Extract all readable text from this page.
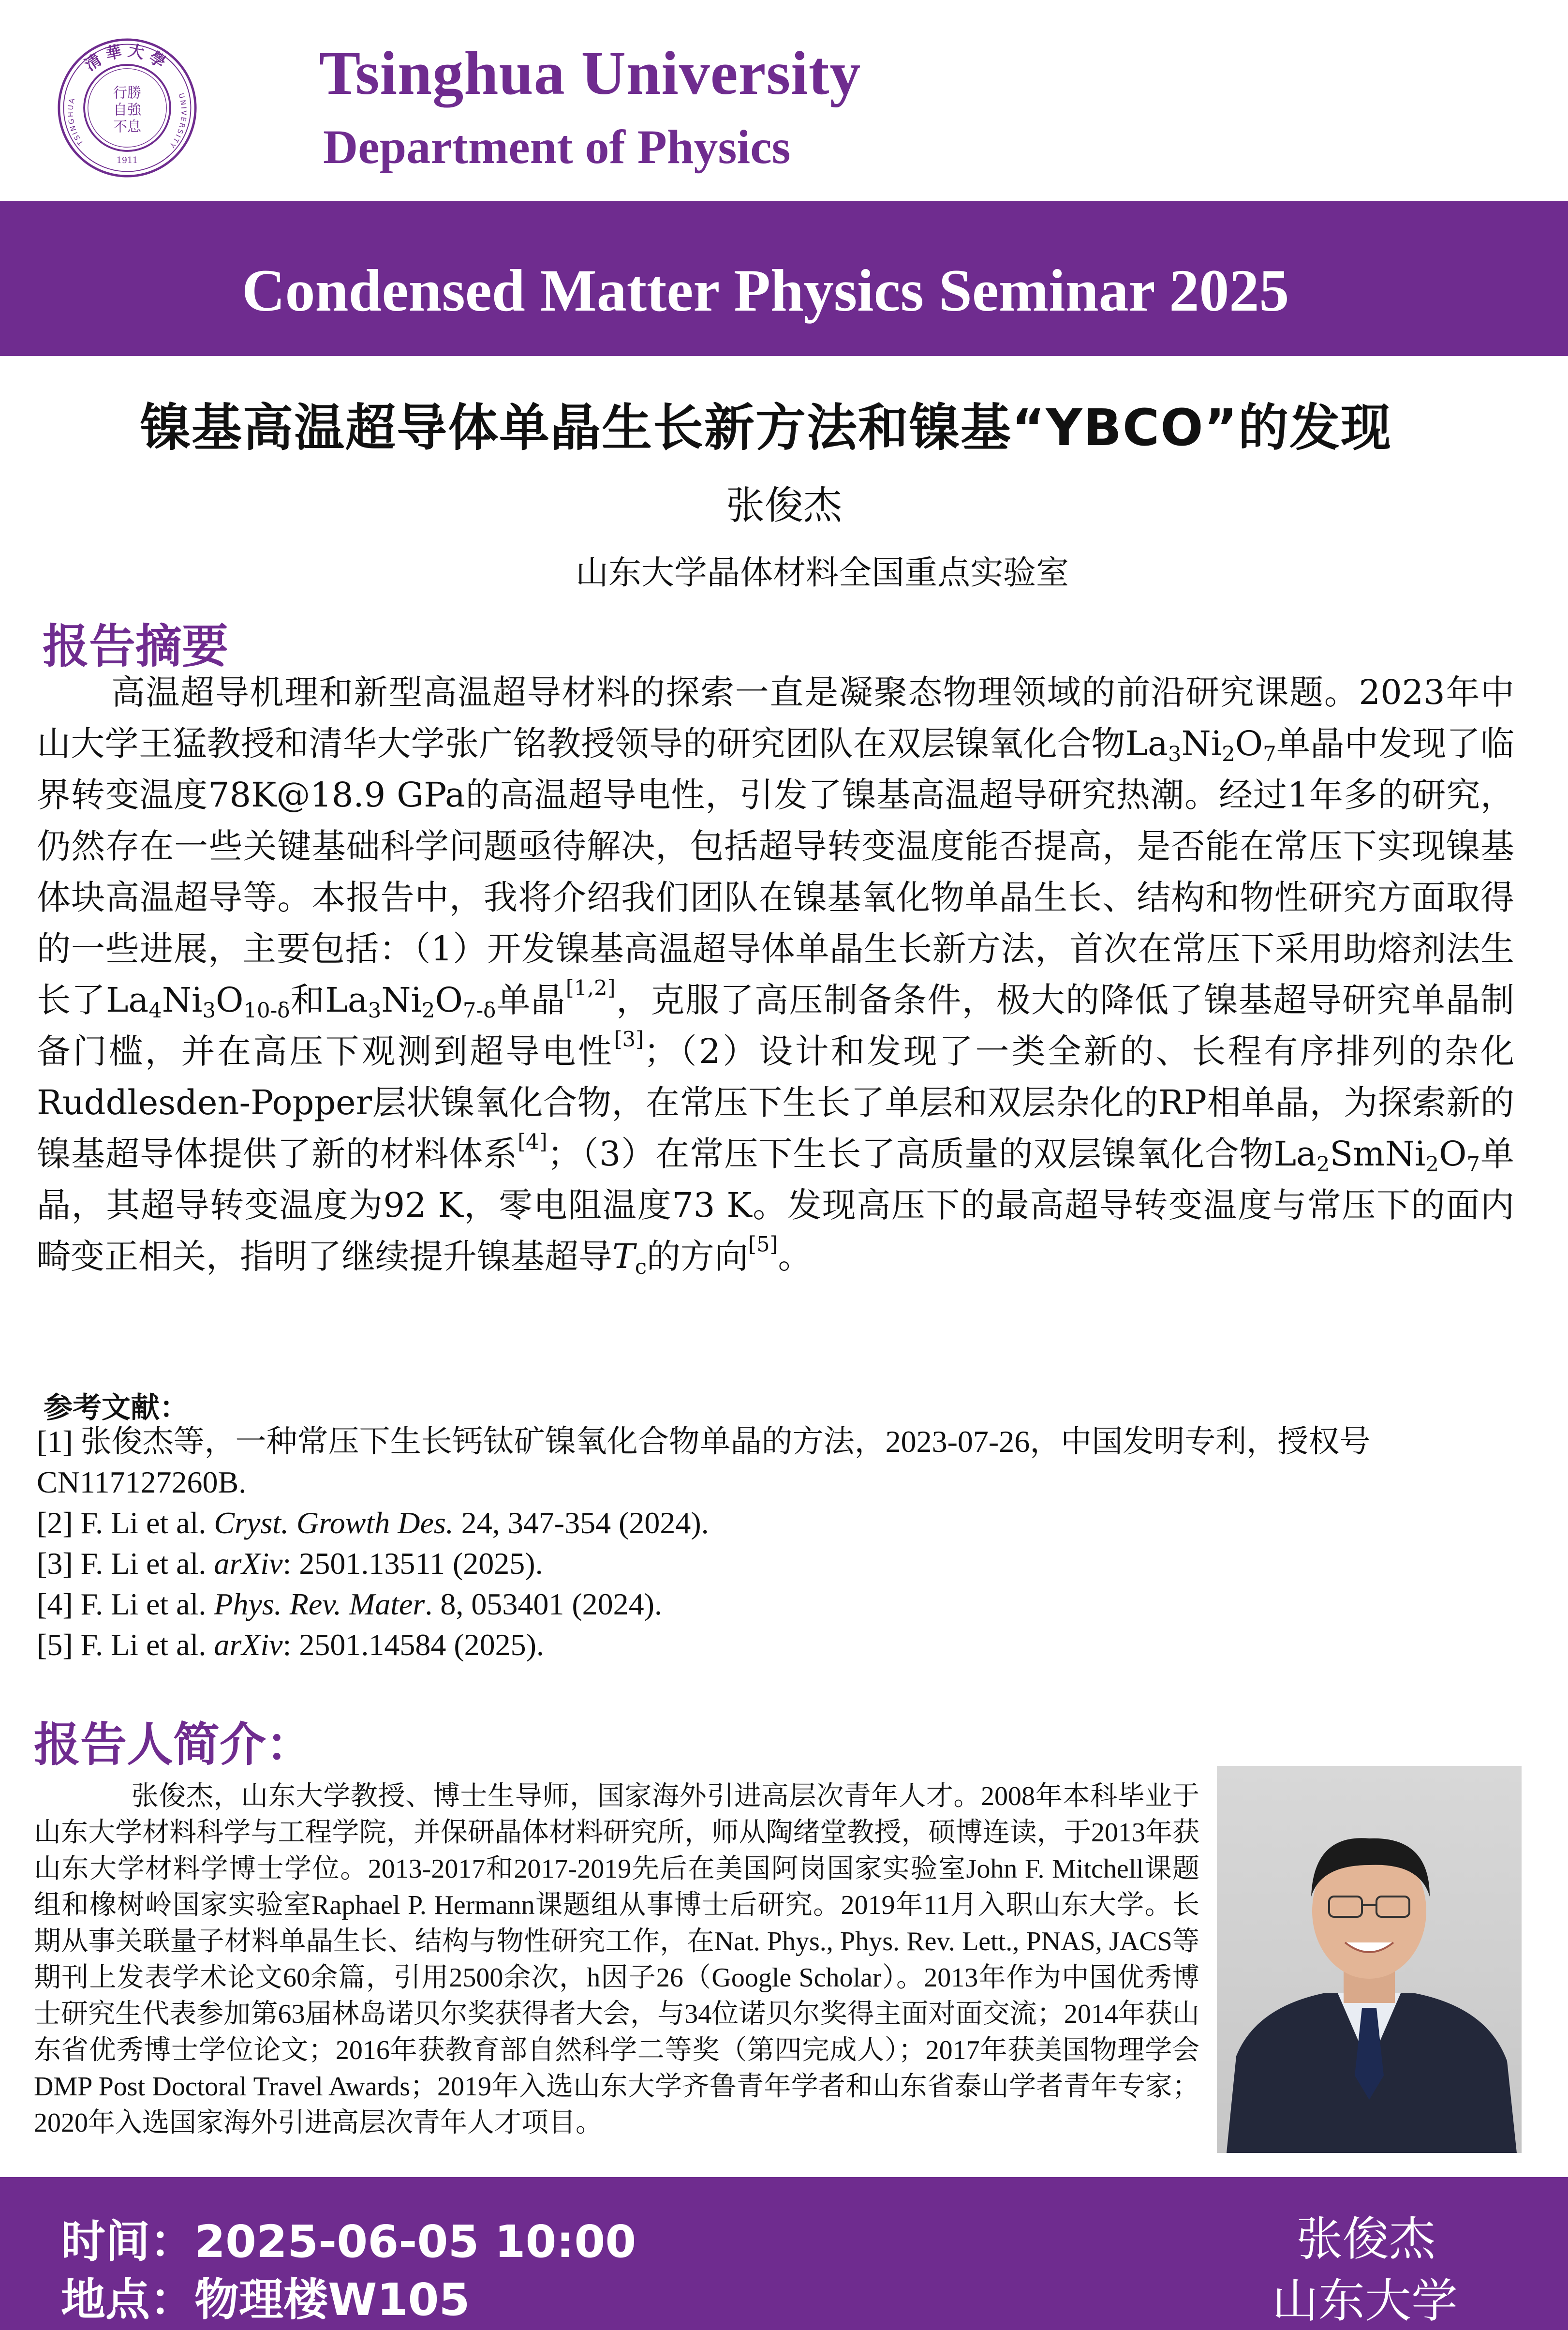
清華大學
TSINGHUA	UNIVERSITY
1911
行勝
自強
不息
Tsinghua University
Department of Physics
Condensed Matter Physics Seminar 2025
镍基高温超导体单晶生长新方法和镍基“YBCO”的发现
张俊杰
山东大学晶体材料全国重点实验室
报告摘要
高温超导机理和新型高温超导材料的探索一直是凝聚态物理领域的前沿研究课题。2023年中山大学王猛教授和清华大学张广铭教授领导的研究团队在双层镍氧化合物$La_3Ni_2O_7$单晶中发现了临界转变温度78K@18.9 GPa的高温超导电性，引发了镍基高温超导研究热潮。经过1年多的研究，仍然存在一些关键基础科学问题亟待解决，包括超导转变温度能否提高，是否能在常压下实现镍基体块高温超导等。本报告中，我将介绍我们团队在镍基氧化物单晶生长、结构和物性研究方面取得的一些进展，主要包括：（1）开发镍基高温超导体单晶生长新方法，首次在常压下采用助熔剂法生长了$La_4Ni_3O_{10-\delta}$和$La_3Ni_2O_{7-\delta}$单晶[1,2]，克服了高压制备条件，极大的降低了镍基超导研究单晶制备门槛，并在高压下观测到超导电性[3]；（2）设计和发现了一类全新的、长程有序排列的杂化Ruddlesden-Popper层状镍氧化合物，在常压下生长了单层和双层杂化的RP相单晶，为探索新的镍基超导体提供了新的材料体系[4]；（3）在常压下生长了高质量的双层镍氧化合物$La_2SmNi_2O_7$单晶，其超导转变温度为92 K，零电阻温度73 K。发现高压下的最高超导转变温度与常压下的面内畸变正相关，指明了继续提升镍基超导$T_c$的方向[5]。
参考文献：
[1] 张俊杰等，一种常压下生长钙钛矿镍氧化合物单晶的方法，2023-07-26，中国发明专利，授权号CN117127260B.
[2] F. Li et al. Cryst. Growth Des. 24, 347-354 (2024).
[3] F. Li et al. arXiv: 2501.13511 (2025).
[4] F. Li et al. Phys. Rev. Mater. 8, 053401 (2024).
[5] F. Li et al. arXiv: 2501.14584 (2025).
报告人简介：
张俊杰，山东大学教授、博士生导师，国家海外引进高层次青年人才。2008年本科毕业于山东大学材料科学与工程学院，并保研晶体材料研究所，师从陶绪堂教授，硕博连读，于2013年获山东大学材料学博士学位。2013-2017和2017-2019先后在美国阿岗国家实验室John F. Mitchell课题组和橡树岭国家实验室Raphael P. Hermann课题组从事博士后研究。2019年11月入职山东大学。长期从事关联量子材料单晶生长、结构与物性研究工作，在Nat. Phys., Phys. Rev. Lett., PNAS, JACS等期刊上发表学术论文60余篇，引用2500余次，h因子26（Google Scholar）。2013年作为中国优秀博士研究生代表参加第63届林岛诺贝尔奖获得者大会，与34位诺贝尔奖得主面对面交流；2014年获山东省优秀博士学位论文；2016年获教育部自然科学二等奖（第四完成人）；2017年获美国物理学会DMP Post Doctoral Travel Awards；2019年入选山东大学齐鲁青年学者和山东省泰山学者青年专家；2020年入选国家海外引进高层次青年人才项目。
时间：2025-06-05 10:00
地点：物理楼W105
张俊杰
山东大学
